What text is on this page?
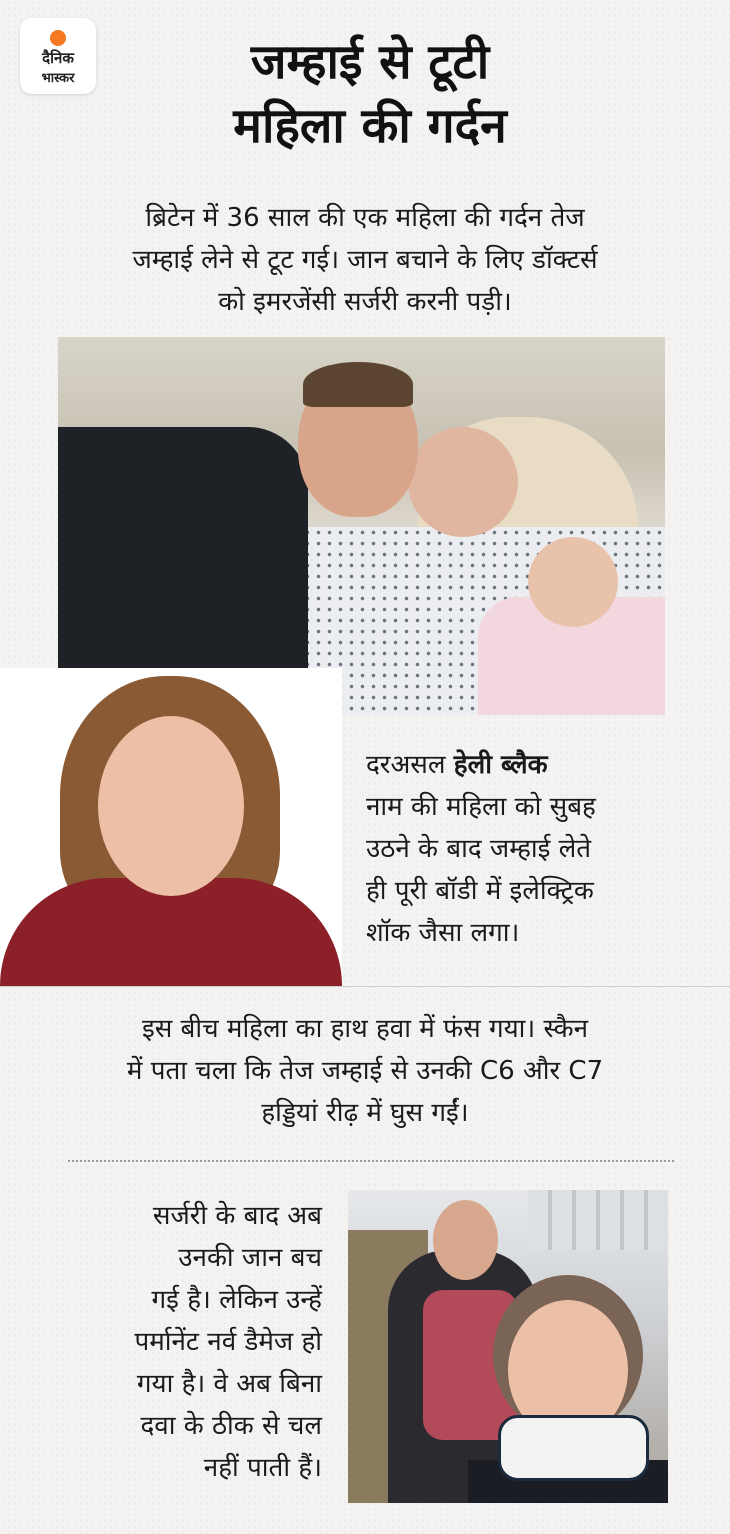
दैनिक
भास्कर	जम्हाई से टूटी
महिला की गर्दन
ब्रिटेन में 36 साल की एक महिला की गर्दन तेज
जम्हाई लेने से टूट गई। जान बचाने के लिए डॉक्टर्स
को इमरजेंसी सर्जरी करनी पड़ी।
दरअसल हेली ब्लैक
नाम की महिला को सुबह
उठने के बाद जम्हाई लेते
ही पूरी बॉडी में इलेक्ट्रिक
शॉक जैसा लगा।
इस बीच महिला का हाथ हवा में फंस गया। स्कैन
में पता चला कि तेज जम्हाई से उनकी C6 और C7
हड्डियां रीढ़ में घुस गईं।
सर्जरी के बाद अब
उनकी जान बच
गई है। लेकिन उन्हें
पर्मानेंट नर्व डैमेज हो
गया है। वे अब बिना
दवा के ठीक से चल
नहीं पाती हैं।
